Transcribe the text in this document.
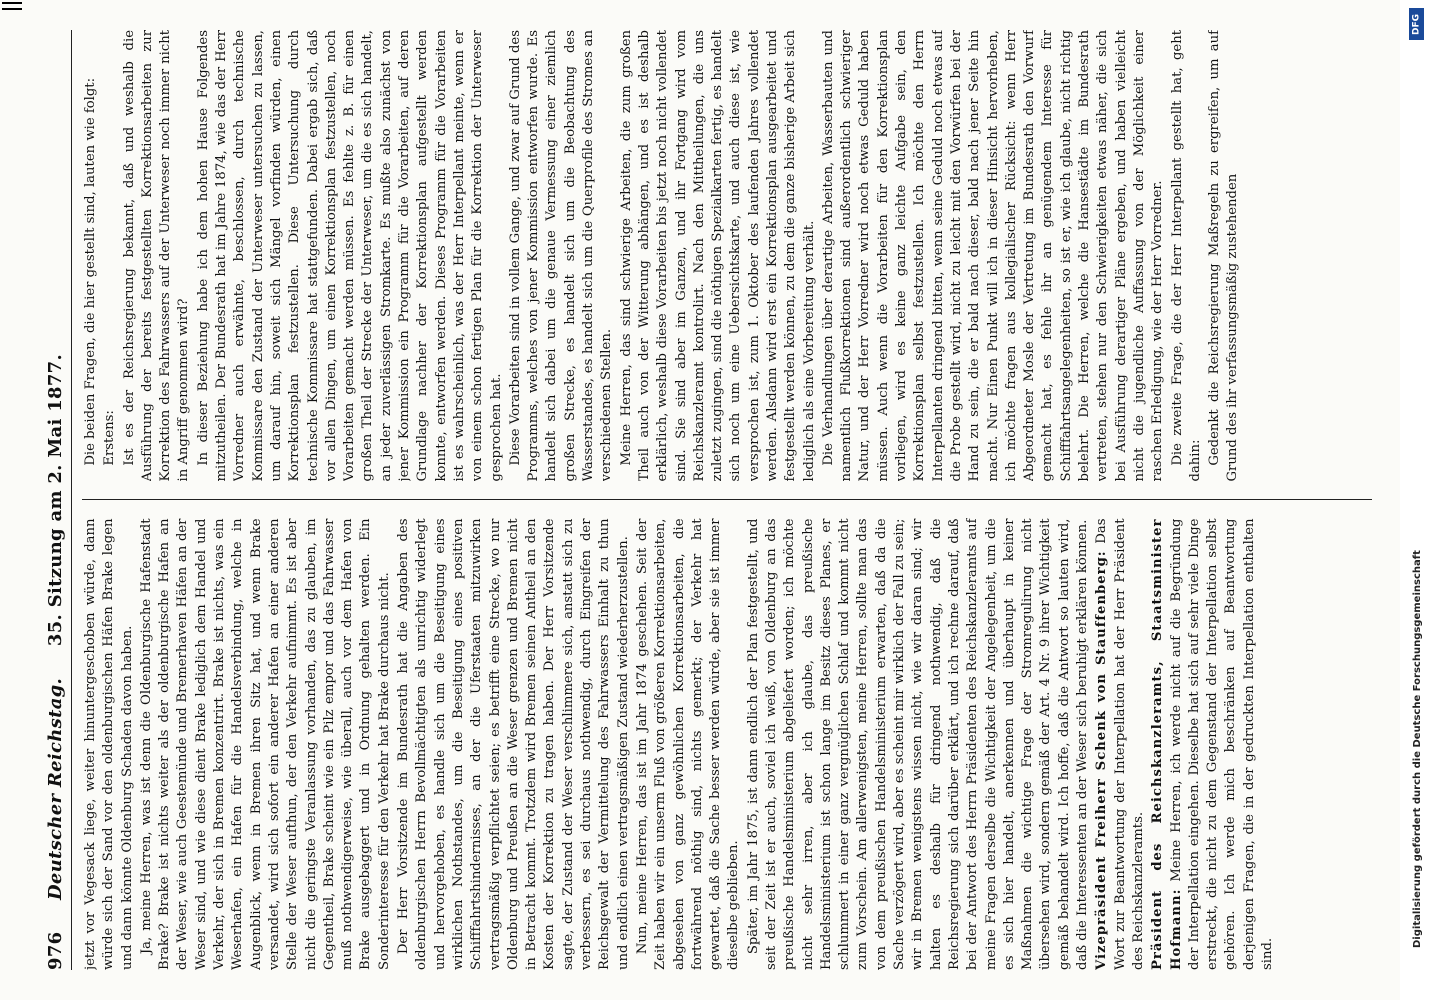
976
Deutscher Reichstag.
35. Sitzung am 2. Mai 1877.

jetzt vor Vegesack liege, weiter hinuntergeschoben würde, dann würde sich der Sand vor den oldenburgischen Häfen Brake legen und dann könnte Oldenburg Schaden davon haben. Ja, meine Herren, was ist denn die Oldenburgische Hafenstadt Brake? Brake ist nichts weiter als der oldenburgische Hafen an der Weser, wie auch Geestemünde und Bremerhaven Häfen an der Weser sind, und wie diese dient Brake lediglich dem Handel und Verkehr, der sich in Bremen konzentrirt. Brake ist nichts, was ein Weserhafen, ein Hafen für die Handelsverbindung, welche in Augenblick, wenn in Bremen ihren Sitz hat, und wenn Brake versandet, wird sich sofort ein anderer Hafen an einer anderen Stelle der Weser aufthun, der den Verkehr aufnimmt. Es ist aber nicht die geringste Veranlassung vorhanden, das zu glauben, im Gegentheil, Brake scheint wie ein Pilz empor und das Fahrwasser muß nothwendigerweise, wie überall, auch vor dem Hafen von Brake ausgebaggert und in Ordnung gehalten werden. Ein Sonderinteresse für den Verkehr hat Brake durchaus nicht. Der Herr Vorsitzende im Bundesrath hat die Angaben des oldenburgischen Herrn Bevollmächtigten als unrichtig widerlegt und hervorgehoben, es handle sich um die Beseitigung eines wirklichen Nothstandes, um die Beseitigung eines positiven Schifffahrtshindernisses, an der die Uferstaaten mitzuwirken vertragsmäßig verpflichtet seien; es betrifft eine Strecke, wo nur Oldenburg und Preußen an die Weser grenzen und Bremen nicht in Betracht kommt. Trotzdem wird Bremen seinen Antheil an den Kosten der Korrektion zu tragen haben. Der Herr Vorsitzende sagte, der Zustand der Weser verschlimmere sich, anstatt sich zu verbessern, es sei durchaus nothwendig, durch Eingreifen der Reichsgewalt der Vermittelung des Fahrwassers Einhalt zu thun und endlich einen vertragsmäßigen Zustand wiederherzustellen. Nun, meine Herren, das ist im Jahr 1874 geschehen. Seit der Zeit haben wir ein unserm Fluß von größeren Korrektionsarbeiten, abgesehen von ganz gewöhnlichen Korrektionsarbeiten, die fortwährend nöthig sind, nichts gemerkt; der Verkehr hat gewartet, daß die Sache besser werden würde, aber sie ist immer dieselbe geblieben. Später, im Jahr 1875, ist dann endlich der Plan festgestellt, und seit der Zeit ist er auch, soviel ich weiß, von Oldenburg an das preußische Handelsministerium abgeliefert worden; ich möchte nicht sehr irren, aber ich glaube, das preußische Handelsministerium ist schon lange im Besitz dieses Planes, er schlummert in einer ganz vergnüglichen Schlaf und kommt nicht zum Vorschein. Am allerwenigsten, meine Herren, sollte man das von dem preußischen Handelsministerium erwarten, daß da die Sache verzögert wird, aber es scheint mir wirklich der Fall zu sein; wir in Bremen wenigstens wissen nicht, wie wir daran sind; wir halten es deshalb für dringend nothwendig, daß die Reichsregierung sich darüber erklärt, und ich rechne darauf, daß bei der Antwort des Herrn Präsidenten des Reichskanzleramts auf meine Fragen derselbe die Wichtigkeit der Angelegenheit, um die es sich hier handelt, anerkennen und überhaupt in keiner Maßnahmen die wichtige Frage der Stromregulirung nicht übersehen wird, sondern gemäß der Art. 4 Nr. 9 ihrer Wichtigkeit gemäß behandelt wird. Ich hoffe, daß die Antwort so lauten wird, daß die Interessenten an der Weser sich beruhigt erklären können. Vizepräsident Freiherr Schenk von Stauffenberg: Das Wort zur Beantwortung der Interpellation hat der Herr Präsident des Reichskanzleramts. Präsident des Reichskanzleramts, Staatsminister Hofmann: Meine Herren, ich werde nicht auf die Begründung der Interpellation eingehen. Dieselbe hat sich auf sehr viele Dinge erstreckt, die nicht zu dem Gegenstand der Interpellation selbst gehören. Ich werde mich beschränken auf Beantwortung derjenigen Fragen, die in der gedruckten Interpellation enthalten sind.

Die beiden Fragen, die hier gestellt sind, lauten wie folgt: Erstens: Ist es der Reichsregierung bekannt, daß und weshalb die Ausführung der bereits festgestellten Korrektionsarbeiten zur Korrektion des Fahrwassers auf der Unterweser noch immer nicht in Angriff genommen wird? In dieser Beziehung habe ich dem hohen Hause Folgendes mitzutheilen. Der Bundesrath hat im Jahre 1874, wie das der Herr Vorredner auch erwähnte, beschlossen, durch technische Kommissare den Zustand der Unterweser untersuchen zu lassen, um darauf hin, soweit sich Mängel vorfinden würden, einen Korrektionsplan festzustellen. Diese Untersuchung durch technische Kommissare hat stattgefunden. Dabei ergab sich, daß vor allen Dingen, um einen Korrektionsplan festzustellen, noch Vorarbeiten gemacht werden müssen. Es fehlte z. B. für einen großen Theil der Strecke der Unterweser, um die es sich handelt, an jeder zuverlässigen Stromkarte. Es mußte also zunächst von jener Kommission ein Programm für die Vorarbeiten, auf deren Grundlage nachher der Korrektionsplan aufgestellt werden konnte, entworfen werden. Dieses Programm für die Vorarbeiten ist es wahrscheinlich, was der Herr Interpellant meinte, wenn er von einem schon fertigen Plan für die Korrektion der Unterweser gesprochen hat. Diese Vorarbeiten sind in vollem Gange, und zwar auf Grund des Programms, welches von jener Kommission entworfen wurde. Es handelt sich dabei um die genaue Vermessung einer ziemlich großen Strecke, es handelt sich um die Beobachtung des Wasserstandes, es handelt sich um die Querprofile des Stromes an verschiedenen Stellen. Meine Herren, das sind schwierige Arbeiten, die zum großen Theil auch von der Witterung abhängen, und es ist deshalb erklärlich, weshalb diese Vorarbeiten bis jetzt noch nicht vollendet sind. Sie sind aber im Ganzen, und ihr Fortgang wird vom Reichskanzleramt kontrolirt. Nach den Mittheilungen, die uns zuletzt zugingen, sind die nöthigen Spezialkarten fertig, es handelt sich noch um eine Uebersichtskarte, und auch diese ist, wie versprochen ist, zum 1. Oktober des laufenden Jahres vollendet werden. Alsdann wird erst ein Korrektionsplan ausgearbeitet und festgestellt werden können, zu dem die ganze bisherige Arbeit sich lediglich als eine Vorbereitung verhält. Die Verhandlungen über derartige Arbeiten, Wasserbauten und namentlich Flußkorrektionen sind außerordentlich schwieriger Natur, und der Herr Vorredner wird noch etwas Geduld haben müssen. Auch wenn die Vorarbeiten für den Korrektionsplan vorliegen, wird es keine ganz leichte Aufgabe sein, den Korrektionsplan selbst festzustellen. Ich möchte den Herrn Interpellanten dringend bitten, wenn seine Geduld noch etwas auf die Probe gestellt wird, nicht zu leicht mit den Vorwürfen bei der Hand zu sein, die er bald nach dieser, bald nach jener Seite hin macht. Nur Einen Punkt will ich in dieser Hinsicht hervorheben, ich möchte fragen aus kollegialischer Rücksicht: wenn Herr Abgeordneter Mosle der Vertretung im Bundesrath den Vorwurf gemacht hat, es fehle ihr an genügendem Interesse für Schifffahrtsangelegenheiten, so ist er, wie ich glaube, nicht richtig belehrt. Die Herren, welche die Hansestädte im Bundesrath vertreten, stehen nur den Schwierigkeiten etwas näher, die sich bei Ausführung derartiger Pläne ergeben, und haben vielleicht nicht die jugendliche Auffassung von der Möglichkeit einer raschen Erledigung, wie der Herr Vorredner. Die zweite Frage, die der Herr Interpellant gestellt hat, geht dahin: Gedenkt die Reichsregierung Maßregeln zu ergreifen, um auf Grund des ihr verfassungsmäßig zustehenden

DFG
Digitalisierung gefördert durch die Deutsche Forschungsgemeinschaft
